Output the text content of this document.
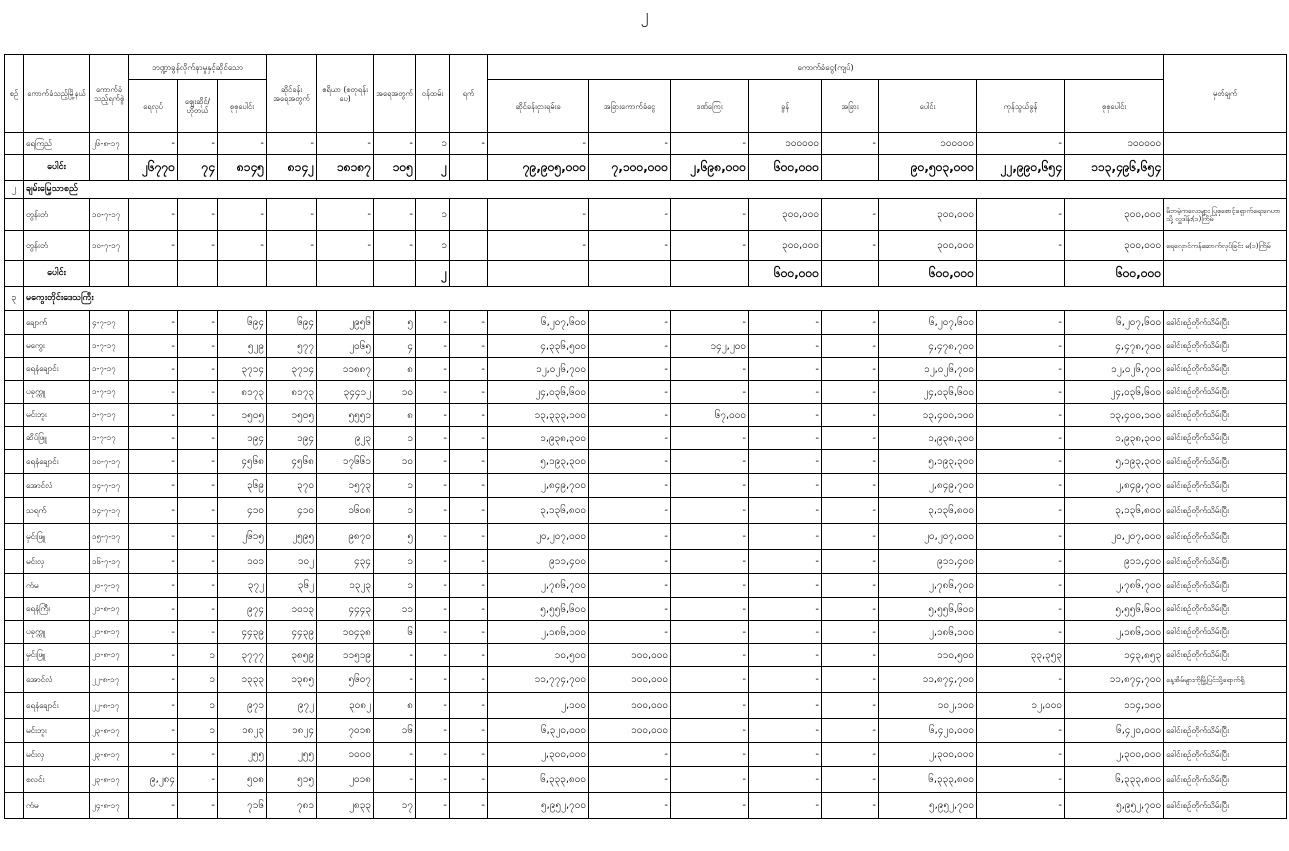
၂
စဉ်	ကောက်ခံသည့်မြို့နယ်	ကောက်ခံသည့်ရက်စွဲ	ဘဏ္ဍာခွန်လိုက်နာမှုနှင့်ဆိုင်သော			ဆိုင်ခန်းအရေအတွက်	ဧရိယာ (စတုရန်းပေ)	အရေအတွက်	ဝန်ထမ်း	ရက်	ကောက်ခံငွေ(ကျပ်)								မှတ်ချက်
			ရေလုပ်	ဈေးဆိုင်/ဟိုတယ်	စုစုပေါင်း						ဆိုင်ခန်းငှားရမ်းခ	အခြားကောက်ခံငွေ	ဒဏ်ကြေး	ခွန်	အခြား	ပေါင်း	ကုန်သွယ်ခွန်	စုစုပေါင်း	
	ရေကြည်	၂၆-၈-၁၇	-	-	-	-	-	-	၁	-	-	-	-	၁၀၀၀၀၀	-	၁၀၀၀၀၀	-	၁၀၀၀၀၀	
	ပေါင်း		၂၆၇၇၀	၇၄	၈၁၄၅	၈၁၄၂	၁၈၁၈၇	၁၀၅	၂		၇၉,၉၀၅,၀၀၀	၇,၁၀၀,၀၀၀	၂,၆၉၈,၀၀၀	၆၀၀,၀၀၀		၉၀,၅၀၃,၀၀၀	၂၂,၉၉၀,၆၅၄	၁၁၃,၄၉၆,၆၅၄	
၂	ချမ်းမြေ့သာစည်																		
	တွန်းတံ	၁၀-၇-၁၇	-	-	-	-	-	-	၁		-	-	-	၃၀၀,၀၀၀	-	၃၀၀,၀၀၀	-	၃၀၀,၀၀၀	မိဘမဲ့ကလေးများ ပြုစုစောင့်ရှောက်ရေးဂေဟာသို့ လှူဒါန်း(၁)ကြိမ်
	တွန်းတံ	၁၀-၇-၁၇	-	-	-	-	-	-	၁		-	-	-	၃၀၀,၀၀၀	-	၃၀၀,၀၀၀	-	၃၀၀,၀၀၀	ရေလှောင်ကန်ဆောက်လုပ်ခြင်း မ(၁)ကြိမ်
	ပေါင်း								၂					၆၀၀,၀၀၀		၆၀၀,၀၀၀		၆၀၀,၀၀၀	
၃	မကွေးတိုင်းဒေသကြီး																		
	ချောက်	၄-၇-၁၇	-	-	၆၉၄	၆၉၄	၂၉၅၆	၅	-	-	၆,၂၀၇,၆၀၀	-	-	-	-	၆,၂၀၇,၆၀၀	-	၆,၂၀၇,၆၀၀	ခေါင်းစဉ်တိုက်သိမ်းပြီး
	မကွေး	၁-၇-၁၇	-	-	၅၂၉	၅၇၇	၂၀၆၅	၄	-	-	၄,၃၃၆,၅၀၀	-	၁၄၂,၂၀၀	-	-	၄,၄၇၈,၇၀၀	-	၄,၄၇၈,၇၀၀	ခေါင်းစဉ်တိုက်သိမ်းပြီး
	ရေနံချောင်း	၁-၇-၁၇	-	-	၃၇၁၄	၃၇၁၄	၁၁၈၈၇	၈	-	-	၁၂,၀၂၆,၇၀၀	-	-	-	-	၁၂,၀၂၆,၇၀၀	-	၁၂,၀၂၆,၇၀၀	ခေါင်းစဉ်တိုက်သိမ်းပြီး
	ပခုက္ကူ	၁-၇-၁၇	-	-	၈၁၇၃	၈၁၇၃	၃၄၄၁၂	၁၀	-	-	၂၄,၀၃၆,၆၀၀	-	-	-	-	၂၄,၀၃၆,၆၀၀	-	၂၄,၀၃၆,၆၀၀	ခေါင်းစဉ်တိုက်သိမ်းပြီး
	မင်းဘူး	၁-၇-၁၇	-	-	၁၅၀၅	၁၅၀၅	၅၅၅၁	၈	-	-	၁၃,၃၃၃,၁၀၀	-	၆၇,၀၀၀	-	-	၁၃,၄၀၀,၁၀၀	-	၁၃,၄၀၀,၁၀၀	ခေါင်းစဉ်တိုက်သိမ်းပြီး
	ဆိပ်ဖြူ	၁-၇-၁၇	-	-	၁၉၄	၁၉၄	၉၂၃	၁	-	-	၁,၉၃၈,၃၀၀	-	-	-	-	၁,၉၃၈,၃၀၀	-	၁,၉၃၈,၃၀၀	ခေါင်းစဉ်တိုက်သိမ်းပြီး
	ရေနံချောင်း	၁၀-၇-၁၇	-	-	၄၅၆၈	၄၅၆၈	၁၇၆၆၁	၁၀	-	-	၅,၁၉၃,၃၀၀	-	-	-	-	၅,၁၉၃,၃၀၀	-	၅,၁၉၃,၃၀၀	ခေါင်းစဉ်တိုက်သိမ်းပြီး
	အောင်လံ	၁၄-၇-၁၇	-	-	၃၆၉	၃၇၀	၁၅၇၃	၁	-	-	၂,၈၄၉,၇၀၀	-	-	-	-	၂,၈၄၉,၇၀၀	-	၂,၈၄၉,၇၀၀	ခေါင်းစဉ်တိုက်သိမ်းပြီး
	သရက်	၁၄-၇-၁၇	-	-	၄၁၀	၄၁၀	၁၆၀၈	၁	-	-	၃,၁၃၆,၈၀၀	-	-	-	-	၃,၁၃၆,၈၀၀	-	၃,၁၃၆,၈၀၀	ခေါင်းစဉ်တိုက်သိမ်းပြီး
	မှင်းဖြူ	၁၅-၇-၁၇	-	-	၂၆၁၅	၂၅၉၅	၉၈၇၀	၅	-	-	၂၀,၂၀၇,၀၀၀	-	-	-	-	၂၀,၂၀၇,၀၀၀	-	၂၀,၂၀၇,၀၀၀	ခေါင်းစဉ်တိုက်သိမ်းပြီး
	မင်းလှ	၁၆-၇-၁၇	-	-	၁၀၁	၁၀၂	၄၃၄	၁	-	-	၉၁၁,၄၀၀	-	-	-	-	၉၁၁,၄၀၀	-	၉၁၁,၄၀၀	ခေါင်းစဉ်တိုက်သိမ်းပြီး
	ကံမ	၂၀-၇-၁၇	-	-	၃၇၂	၃၆၂	၁၃၂၃	၁	-	-	၂,၇၈၆,၇၀၀	-	-	-	-	၂,၇၈၆,၇၀၀	-	၂,၇၈၆,၇၀၀	ခေါင်းစဉ်တိုက်သိမ်းပြီး
	ရေနံကြီး	၂၁-၈-၁၇	-	-	၉၇၄	၁၀၁၃	၄၄၄၃	၁၁	-	-	၅,၅၅၆,၆၀၀	-	-	-	-	၅,၅၅၆,၆၀၀	-	၅,၅၅၆,၆၀၀	ခေါင်းစဉ်တိုက်သိမ်းပြီး
	ပခုက္ကူ	၂၁-၈-၁၇	-	-	၄၄၃၉	၄၄၃၉	၁၀၄၃၈	၆	-	-	၂,၁၈၆,၁၀၀	-	-	-	-	၂,၁၈၆,၁၀၀	-	၂,၁၈၆,၁၀၀	ခေါင်းစဉ်တိုက်သိမ်းပြီး
	မှင်းဖြူ	၂၁-၈-၁၇	-	၁	၃၇၇၇	၃၈၅၉	၁၁၅၁၉	-	-	-	၁၀,၅၀၀	၁၀၀,၀၀၀	-	-	-	၁၁၀,၅၀၀	၃၃,၃၅၃	၁၄၃,၈၅၃	ခေါင်းစဉ်တိုက်သိမ်းပြီး
	အောင်လံ	၂၂-၈-၁၇	-	၁	၁၃၃၃	၁၃၈၅	၅၆၀၇	-	-	-	၁၁,၇၇၄,၇၀၀	၁၀၀,၀၀၀	-	-	-	၁၁,၈၇၄,၇၀၀	-	၁၁,၈၇၄,၇၀၀	နေ့အိမ်များကိုမြို့ပြင်သို့ရောက်ရှိ
	ရေနံချောင်း	၂၂-၈-၁၇	-	၁	၉၇၁	၉၇၂	၃၀၈၂	၈	-	-	၂,၁၀၀	၁၀၀,၀၀၀	-	-	-	၁၀၂,၁၀၀	၁၂,၀၀၀	၁၁၄,၁၀၀	
	မင်းဘူး	၂၃-၈-၁၇	-	၁	၁၈၂၃	၁၈၂၄	၇၀၁၈	၁၆	-	-	၆,၃၂၀,၀၀၀	၁၀၀,၀၀၀	-	-	-	၆,၄၂၀,၀၀၀	-	၆,၄၂၀,၀၀၀	ခေါင်းစဉ်တိုက်သိမ်းပြီး
	မင်းလှ	၂၃-၈-၁၇	-	-	၂၅၅	၂၅၅	၁၀၀၀	-	-	-	၂,၃၀၀,၀၀၀	-	-	-	-	၂,၃၀၀,၀၀၀	-	၂,၃၀၀,၀၀၀	ခေါင်းစဉ်တိုက်သိမ်းပြီး
	စလင်း	၂၃-၈-၁၇	၉,၂၈၄	-	၅၀၈	၅၁၅	၂၀၁၈	-	-	-	၆,၃၃၃,၈၀၀	-	-	-	-	၆,၃၃၃,၈၀၀	-	၆,၃၃၃,၈၀၀	ခေါင်းစဉ်တိုက်သိမ်းပြီး
	ကံမ	၂၄-၈-၁၇	-	-	၇၁၆	၇၈၁	၂၈၃၃	၁၇	-	-	၅,၉၅၂,၇၀၀	-	-	-	-	၅,၉၅၂,၇၀၀	-	၅,၉၅၂,၇၀၀	ခေါင်းစဉ်တိုက်သိမ်းပြီး
